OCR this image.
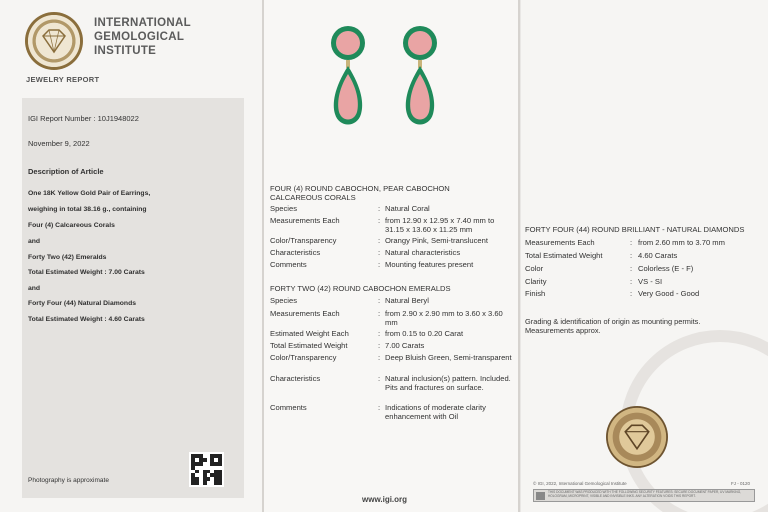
INTERNATIONAL
GEMOLOGICAL
INSTITUTE
JEWELRY REPORT
IGI Report Number : 10J1948022
November 9, 2022
Description of Article
One 18K Yellow Gold Pair of Earrings,
weighing in total 38.16 g., containing
Four (4) Calcareous Corals
and
Forty Two (42) Emeralds
Total Estimated Weight : 7.00 Carats
and
Forty Four (44) Natural Diamonds
Total Estimated Weight : 4.60 Carats
Photography is approximate
FOUR (4) ROUND CABOCHON, PEAR CABOCHON
CALCAREOUS CORALS
Species	: Natural Coral
Measurements Each	: from 12.90 x 12.95 x 7.40 mm to 31.15 x 13.60 x 11.25 mm
Color/Transparency	: Orangy Pink, Semi-translucent
Characteristics	: Natural characteristics
Comments	: Mounting features present
FORTY TWO (42) ROUND CABOCHON EMERALDS
Species	: Natural Beryl
Measurements Each	: from 2.90 x 2.90 mm to 3.60 x 3.60 mm
Estimated Weight Each	: from 0.15 to 0.20 Carat
Total Estimated Weight	: 7.00 Carats
Color/Transparency	: Deep Bluish Green, Semi-transparent
Characteristics	: Natural inclusion(s) pattern. Included. Pits and fractures on surface.
Comments	: Indications of moderate clarity enhancement with Oil
www.igi.org
FORTY FOUR (44) ROUND BRILLIANT - NATURAL DIAMONDS
Measurements Each	: from 2.60 mm to 3.70 mm
Total Estimated Weight	: 4.60 Carats
Color	: Colorless (E - F)
Clarity	: VS - SI
Finish	: Very Good - Good
Grading & identification of origin as mounting permits. Measurements approx.
© IGI, 2022, International Gemological Institute	FJ - 0120
THIS DOCUMENT WAS PRODUCED WITH THE FOLLOWING SECURITY FEATURES: SECURE DOCUMENT PAPER, UV MARKING, HOLOGRAM, MICROPRINT, VISIBLE AND INVISIBLE INKS. ANY ALTERATION VOIDS THIS REPORT.
